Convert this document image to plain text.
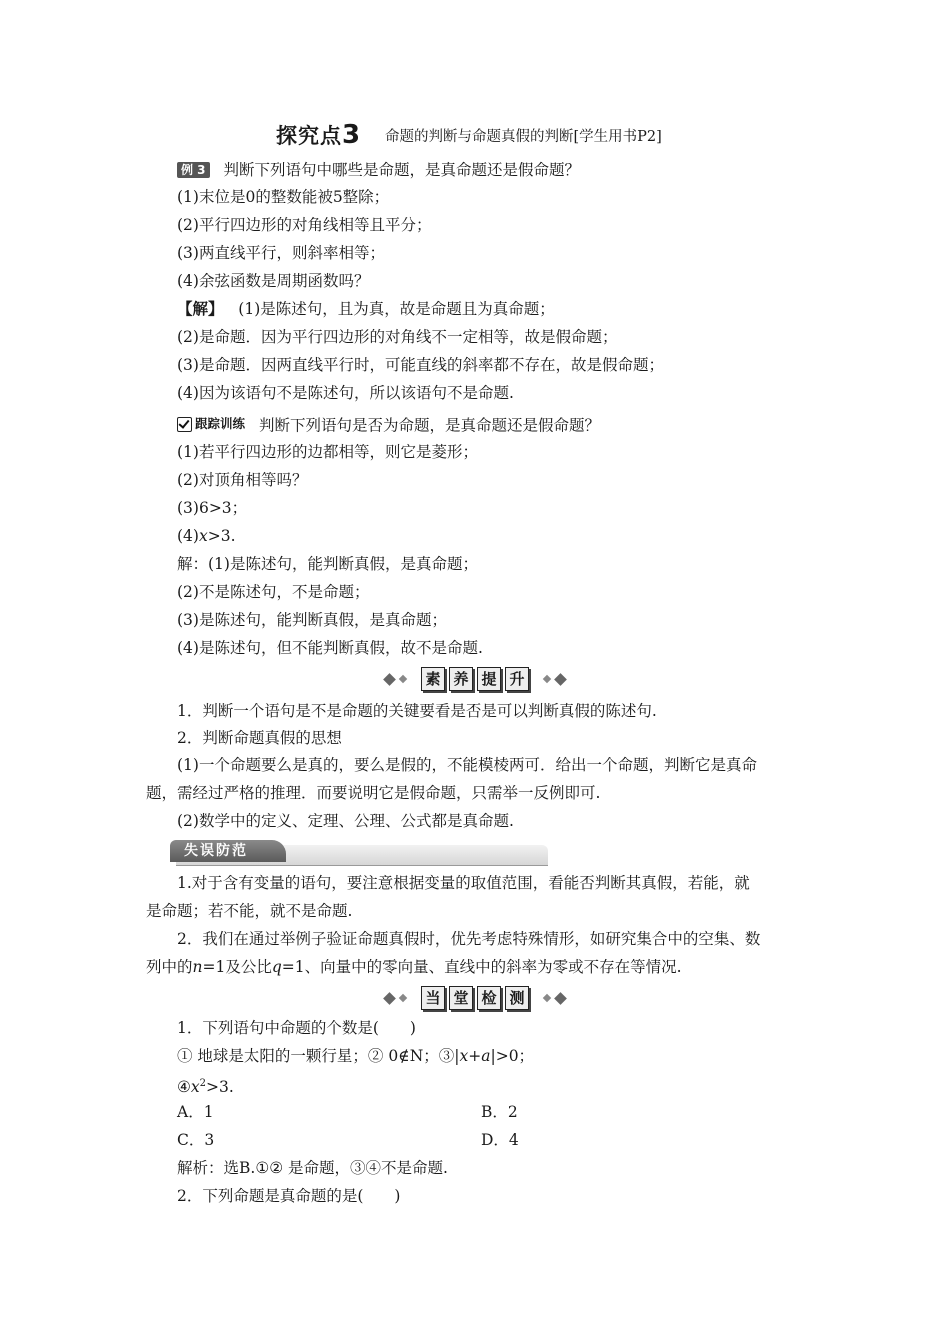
探究点3 命题的判断与命题真假的判断[学生用书P2]
例 3 判断下列语句中哪些是命题，是真命题还是假命题？
(1)末位是0的整数能被5整除；
(2)平行四边形的对角线相等且平分；
(3)两直线平行，则斜率相等；
(4)余弦函数是周期函数吗？
【解】 (1)是陈述句，且为真，故是命题且为真命题；
(2)是命题．因为平行四边形的对角线不一定相等，故是假命题；
(3)是命题．因两直线平行时，可能直线的斜率都不存在，故是假命题；
(4)因为该语句不是陈述句，所以该语句不是命题.
跟踪训练 判断下列语句是否为命题，是真命题还是假命题？
(1)若平行四边形的边都相等，则它是菱形；
(2)对顶角相等吗？
(3)6>3；
(4)x>3.
解：(1)是陈述句，能判断真假，是真命题；
(2)不是陈述句，不是命题；
(3)是陈述句，能判断真假，是真命题；
(4)是陈述句，但不能判断真假，故不是命题.
素 养 提 升
1．判断一个语句是不是命题的关键要看是否是可以判断真假的陈述句.
2．判断命题真假的思想
(1)一个命题要么是真的，要么是假的，不能模棱两可．给出一个命题，判断它是真命
题，需经过严格的推理．而要说明它是假命题，只需举一反例即可.
(2)数学中的定义、定理、公理、公式都是真命题.
失误防范
1.对于含有变量的语句，要注意根据变量的取值范围，看能否判断其真假，若能，就
是命题；若不能，就不是命题.
2．我们在通过举例子验证命题真假时，优先考虑特殊情形，如研究集合中的空集、数
列中的n=1及公比q=1、向量中的零向量、直线中的斜率为零或不存在等情况.
当 堂 检 测
1．下列语句中命题的个数是(　　)
① 地球是太阳的一颗行星；② 0∉N；③|x+a|>0；
$④x^2>3$.
A．1	B．2
C．3	D．4
解析：选B.①② 是命题，③④不是命题.
2．下列命题是真命题的是(　　)
